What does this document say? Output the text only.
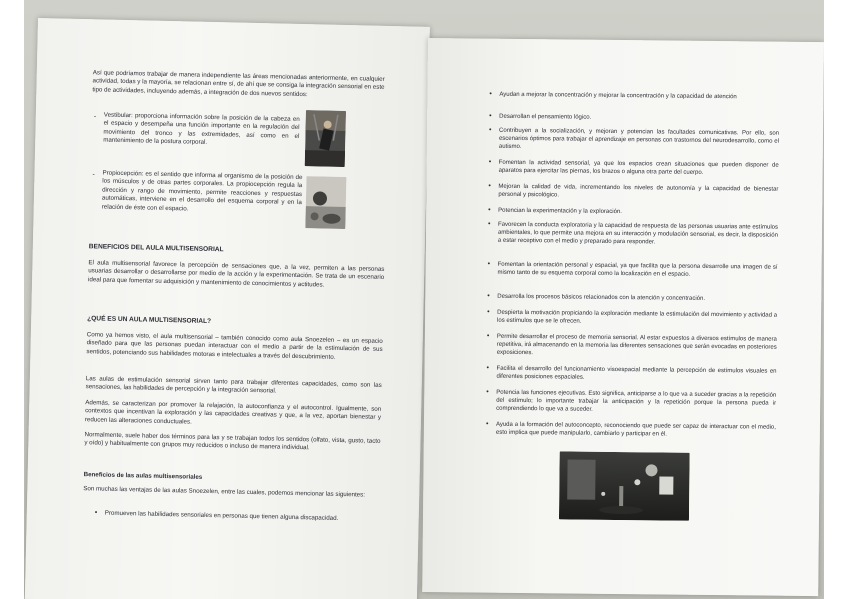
Así que podríamos trabajar de manera independiente las áreas mencionadas anteriormente, en cualquier actividad, todas y la mayoría, se relacionan entre sí, de ahí que se consiga la integración sensorial en este tipo de actividades, incluyendo además, a integración de dos nuevos sentidos:
- Vestibular: proporciona información sobre la posición de la cabeza en el espacio y desempeña una función importante en la regulación del movimiento del tronco y las extremidades, así como en el mantenimiento de la postura corporal.
- Propiocepción: es el sentido que informa al organismo de la posición de los músculos y de otras partes corporales. La propiocepción regula la dirección y rango de movimiento, permite reacciones y respuestas automáticas, interviene en el desarrollo del esquema corporal y en la relación de éste con el espacio.
BENEFICIOS DEL AULA MULTISENSORIAL
El aula multisensorial favorece la percepción de sensaciones que, a la vez, permiten a las personas usuarias desarrollar o desarrollarse por medio de la acción y la experimentación. Se trata de un escenario ideal para que fomentar su adquisición y mantenimiento de conocimientos y actitudes.
¿QUÉ ES UN AULA MULTISENSORIAL?
Como ya hemos visto, el aula multisensorial – también conocido como aula Snoezelen – es un espacio diseñado para que las personas puedan interactuar con el medio a partir de la estimulación de sus sentidos, potenciando sus habilidades motoras e intelectuales a través del descubrimiento.
Las aulas de estimulación sensorial sirven tanto para trabajar diferentes capacidades, como son las sensaciones, las habilidades de percepción y la integración sensorial.
Además, se caracterizan por promover la relajación, la autoconfianza y el autocontrol. Igualmente, son contextos que incentivan la exploración y las capacidades creativas y que, a la vez, aportan bienestar y reducen las alteraciones conductuales.
Normalmente, suele haber dos términos para las y se trabajan todos los sentidos (olfato, vista, gusto, tacto y oído) y habitualmente con grupos muy reducidos o incluso de manera individual.
Beneficios de las aulas multisensoriales
Son muchas las ventajas de las aulas Snoezelen, entre las cuales, podemos mencionar las siguientes:
• Promueven las habilidades sensoriales en personas que tienen alguna discapacidad.
• Ayudan a mejorar la concentración y mejorar la concentración y la capacidad de atención
• Desarrollan el pensamiento lógico.
• Contribuyen a la socialización, y mejoran y potencian las facultades comunicativas. Por ello, son escenarios óptimos para trabajar el aprendizaje en personas con trastornos del neurodesarrollo, como el autismo.
• Fomentan la actividad sensorial, ya que los espacios crean situaciones que pueden disponer de aparatos para ejercitar las piernas, los brazos o alguna otra parte del cuerpo.
• Mejoran la calidad de vida, incrementando los niveles de autonomía y la capacidad de bienestar personal y psicológico.
• Potencian la experimentación y la exploración.
• Favorecen la conducta exploratoria y la capacidad de respuesta de las personas usuarias ante estímulos ambientales, lo que permite una mejora en su interacción y modulación sensorial, es decir, la disposición a estar receptivo con el medio y preparado para responder.
• Fomentan la orientación personal y espacial, ya que facilita que la persona desarrolle una imagen de sí mismo tanto de su esquema corporal como la localización en el espacio.
• Desarrolla los procesos básicos relacionados con la atención y concentración.
• Despierta la motivación propiciando la exploración mediante la estimulación del movimiento y actividad a los estímulos que se le ofrecen.
• Permite desarrollar el proceso de memoria sensorial. Al estar expuestos a diversos estímulos de manera repetitiva, irá almacenando en la memoria las diferentes sensaciones que serán evocadas en posteriores exposiciones.
• Facilita el desarrollo del funcionamiento visoespacial mediante la percepción de estímulos visuales en diferentes posiciones espaciales.
• Potencia las funciones ejecutivas. Esto significa, anticiparse a lo que va a suceder gracias a la repetición del estímulo; lo importante trabajar la anticipación y la repetición porque la persona pueda ir comprendiendo lo que va a suceder.
• Ayuda a la formación del autoconcepto, reconociendo que puede ser capaz de interactuar con el medio, esto implica que puede manipularlo, cambiarlo y participar en él.
